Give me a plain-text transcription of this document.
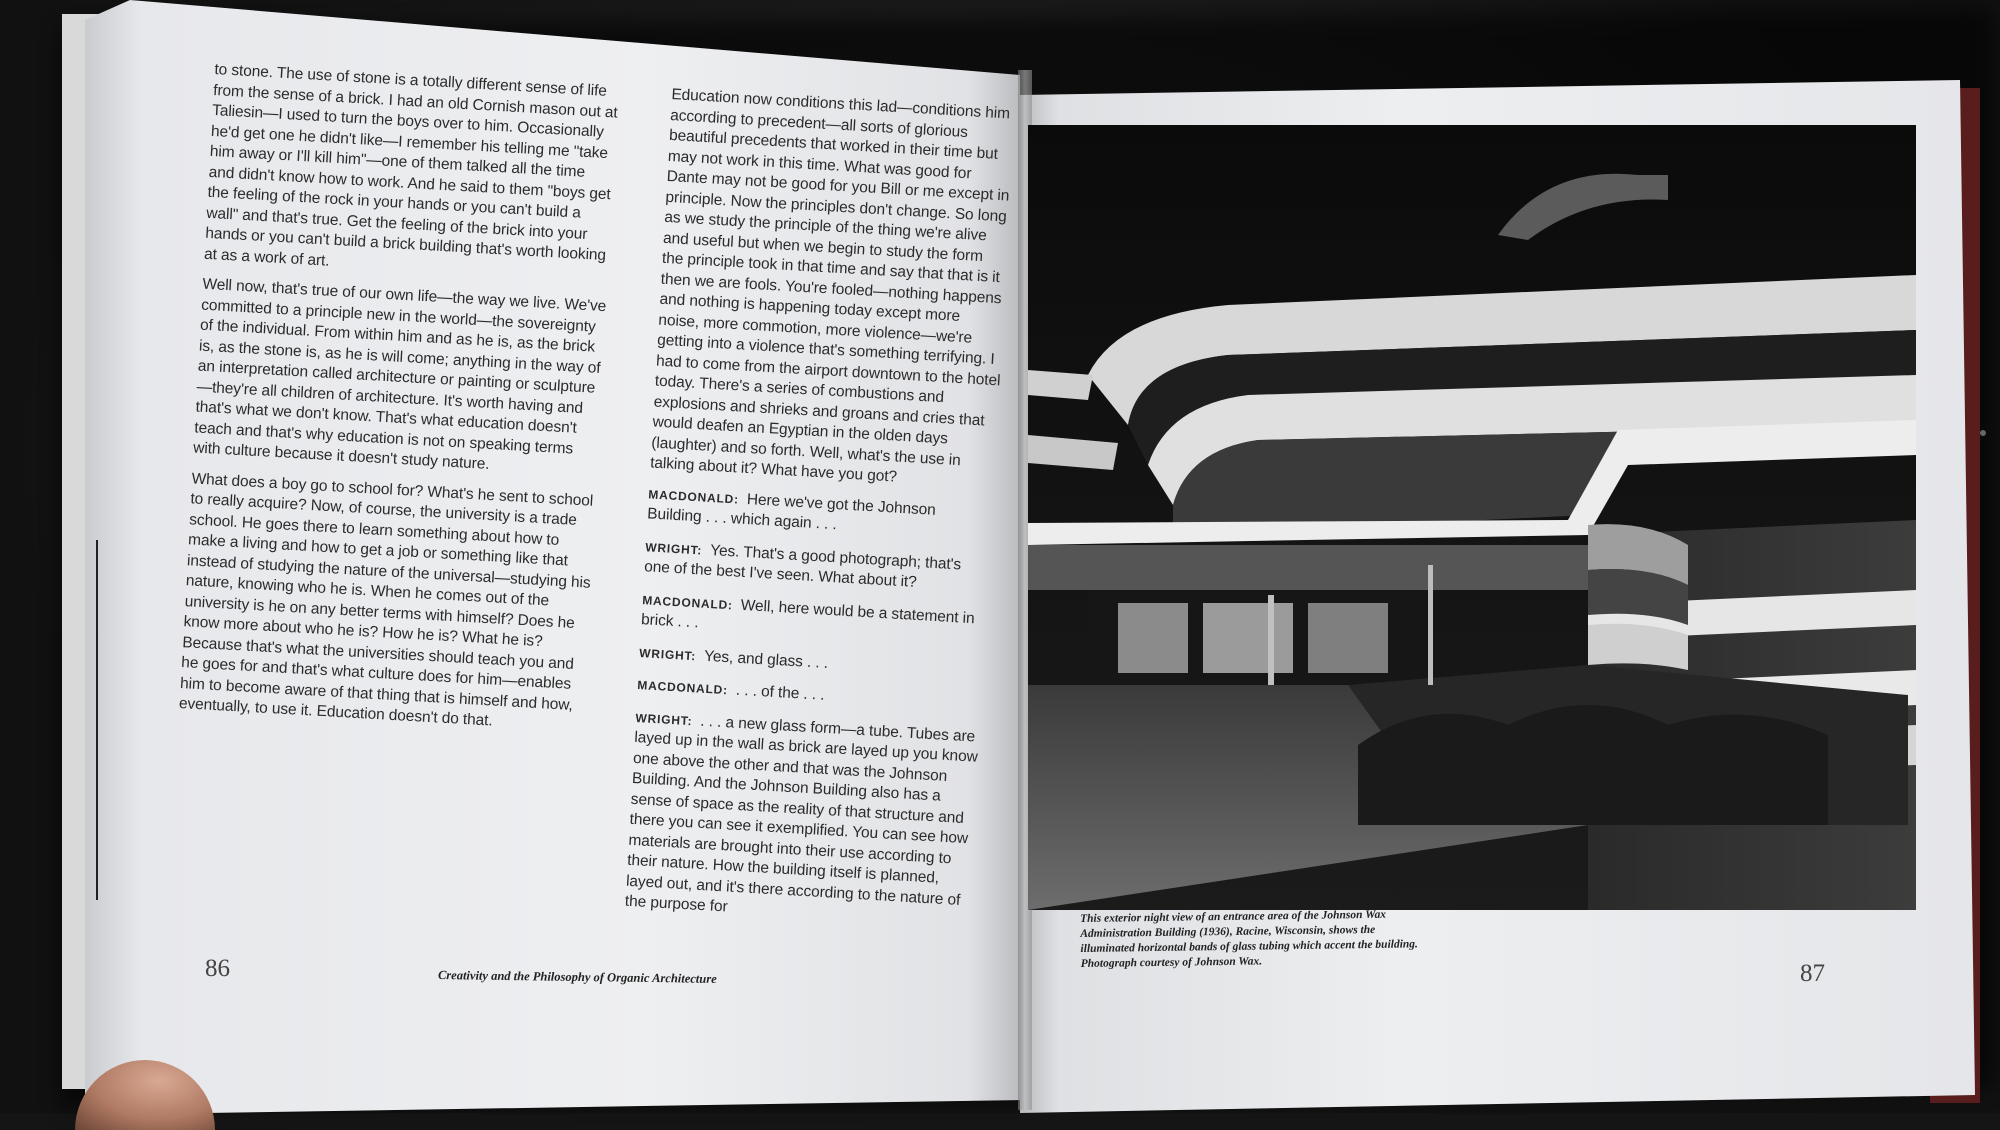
to stone. The use of stone is a totally different sense of life from the sense of a brick. I had an old Cornish mason out at Taliesin—I used to turn the boys over to him. Occasionally he'd get one he didn't like—I remember his telling me "take him away or I'll kill him"—one of them talked all the time and didn't know how to work. And he said to them "boys get the feeling of the rock in your hands or you can't build a wall" and that's true. Get the feeling of the brick into your hands or you can't build a brick building that's worth looking at as a work of art.

Well now, that's true of our own life—the way we live. We've committed to a principle new in the world—the sovereignty of the individual. From within him and as he is, as the brick is, as the stone is, as he is will come; anything in the way of an interpretation called architecture or painting or sculpture—they're all children of architecture. It's worth having and that's what we don't know. That's what education doesn't teach and that's why education is not on speaking terms with culture because it doesn't study nature.

What does a boy go to school for? What's he sent to school to really acquire? Now, of course, the university is a trade school. He goes there to learn something about how to make a living and how to get a job or something like that instead of studying the nature of the universal—studying his nature, knowing who he is. When he comes out of the university is he on any better terms with himself? Does he know more about who he is? How he is? What he is? Because that's what the universities should teach you and he goes for and that's what culture does for him—enables him to become aware of that thing that is himself and how, eventually, to use it. Education doesn't do that.

Education now conditions this lad—conditions him according to precedent—all sorts of glorious beautiful precedents that worked in their time but may not work in this time. What was good for Dante may not be good for you Bill or me except in principle. Now the principles don't change. So long as we study the principle of the thing we're alive and useful but when we begin to study the form the principle took in that time and say that that is it then we are fools. You're fooled—nothing happens and nothing is happening today except more noise, more commotion, more violence—we're getting into a violence that's something terrifying. I had to come from the airport downtown to the hotel today. There's a series of combustions and explosions and shrieks and groans and cries that would deafen an Egyptian in the olden days (laughter) and so forth. Well, what's the use in talking about it? What have you got?

MACDONALD: Here we've got the Johnson Building . . . which again . . .
WRIGHT: Yes. That's a good photograph; that's one of the best I've seen. What about it?
MACDONALD: Well, here would be a statement in brick . . .
WRIGHT: Yes, and glass . . .
MACDONALD: . . . of the . . .
WRIGHT: . . . a new glass form—a tube. Tubes are layed up in the wall as brick are layed up you know one above the other and that was the Johnson Building. And the Johnson Building also has a sense of space as the reality of that structure and there you can see it exemplified. You can see how materials are brought into their use according to their nature. How the building itself is planned, layed out, and it's there according to the nature of the purpose for
86	Creativity and the Philosophy of Organic Architecture
This exterior night view of an entrance area of the Johnson Wax Administration Building (1936), Racine, Wisconsin, shows the illuminated horizontal bands of glass tubing which accent the building. Photograph courtesy of Johnson Wax.	87
